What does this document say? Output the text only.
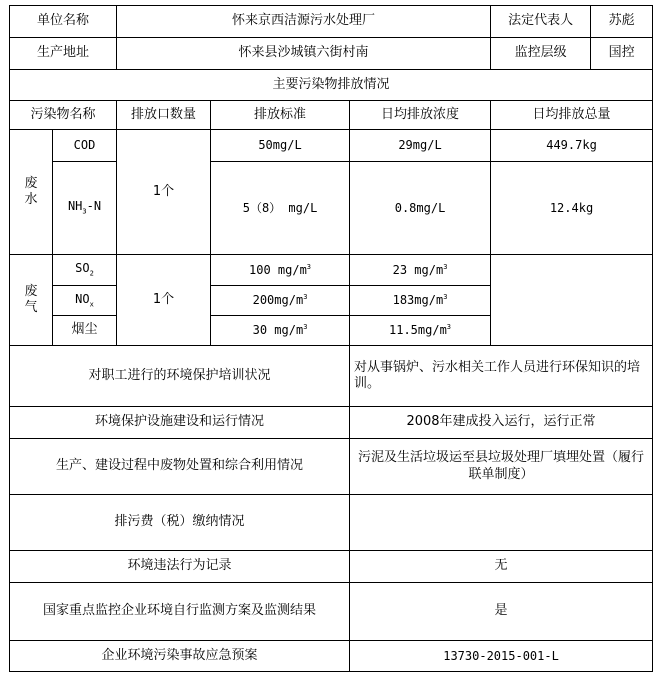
单位名称	怀来京西洁源污水处理厂		法定代表人	苏彪

生产地址	怀来县沙城镇六街村南		监控层级	国控

主要污染物排放情况
污染物名称	排放口数量	排放标准	日均排放浓度	日均排放总量
废
水	COD	1个	50mg/L	29mg/L	449.7kg
$NH_3-N$	5（8） mg/L	0.8mg/L	12.4kg
废
气	$SO_2$	1个	100 $mg/m^3$	23 $mg/m^3$	
$NO_x$	$200mg/m^3$	$183mg/m^3$
烟尘	30 $mg/m^3$	$11.5mg/m^3$
对职工进行的环境保护培训状况	对从事锅炉、污水相关工作人员进行环保知识的培训。
环境保护设施建设和运行情况	2008年建成投入运行，运行正常
生产、建设过程中废物处置和综合利用情况	污泥及生活垃圾运至县垃圾处理厂填埋处置（履行联单制度）
排污费（税）缴纳情况	
环境违法行为记录	无
国家重点监控企业环境自行监测方案及监测结果	是
企业环境污染事故应急预案	13730-2015-001-L
